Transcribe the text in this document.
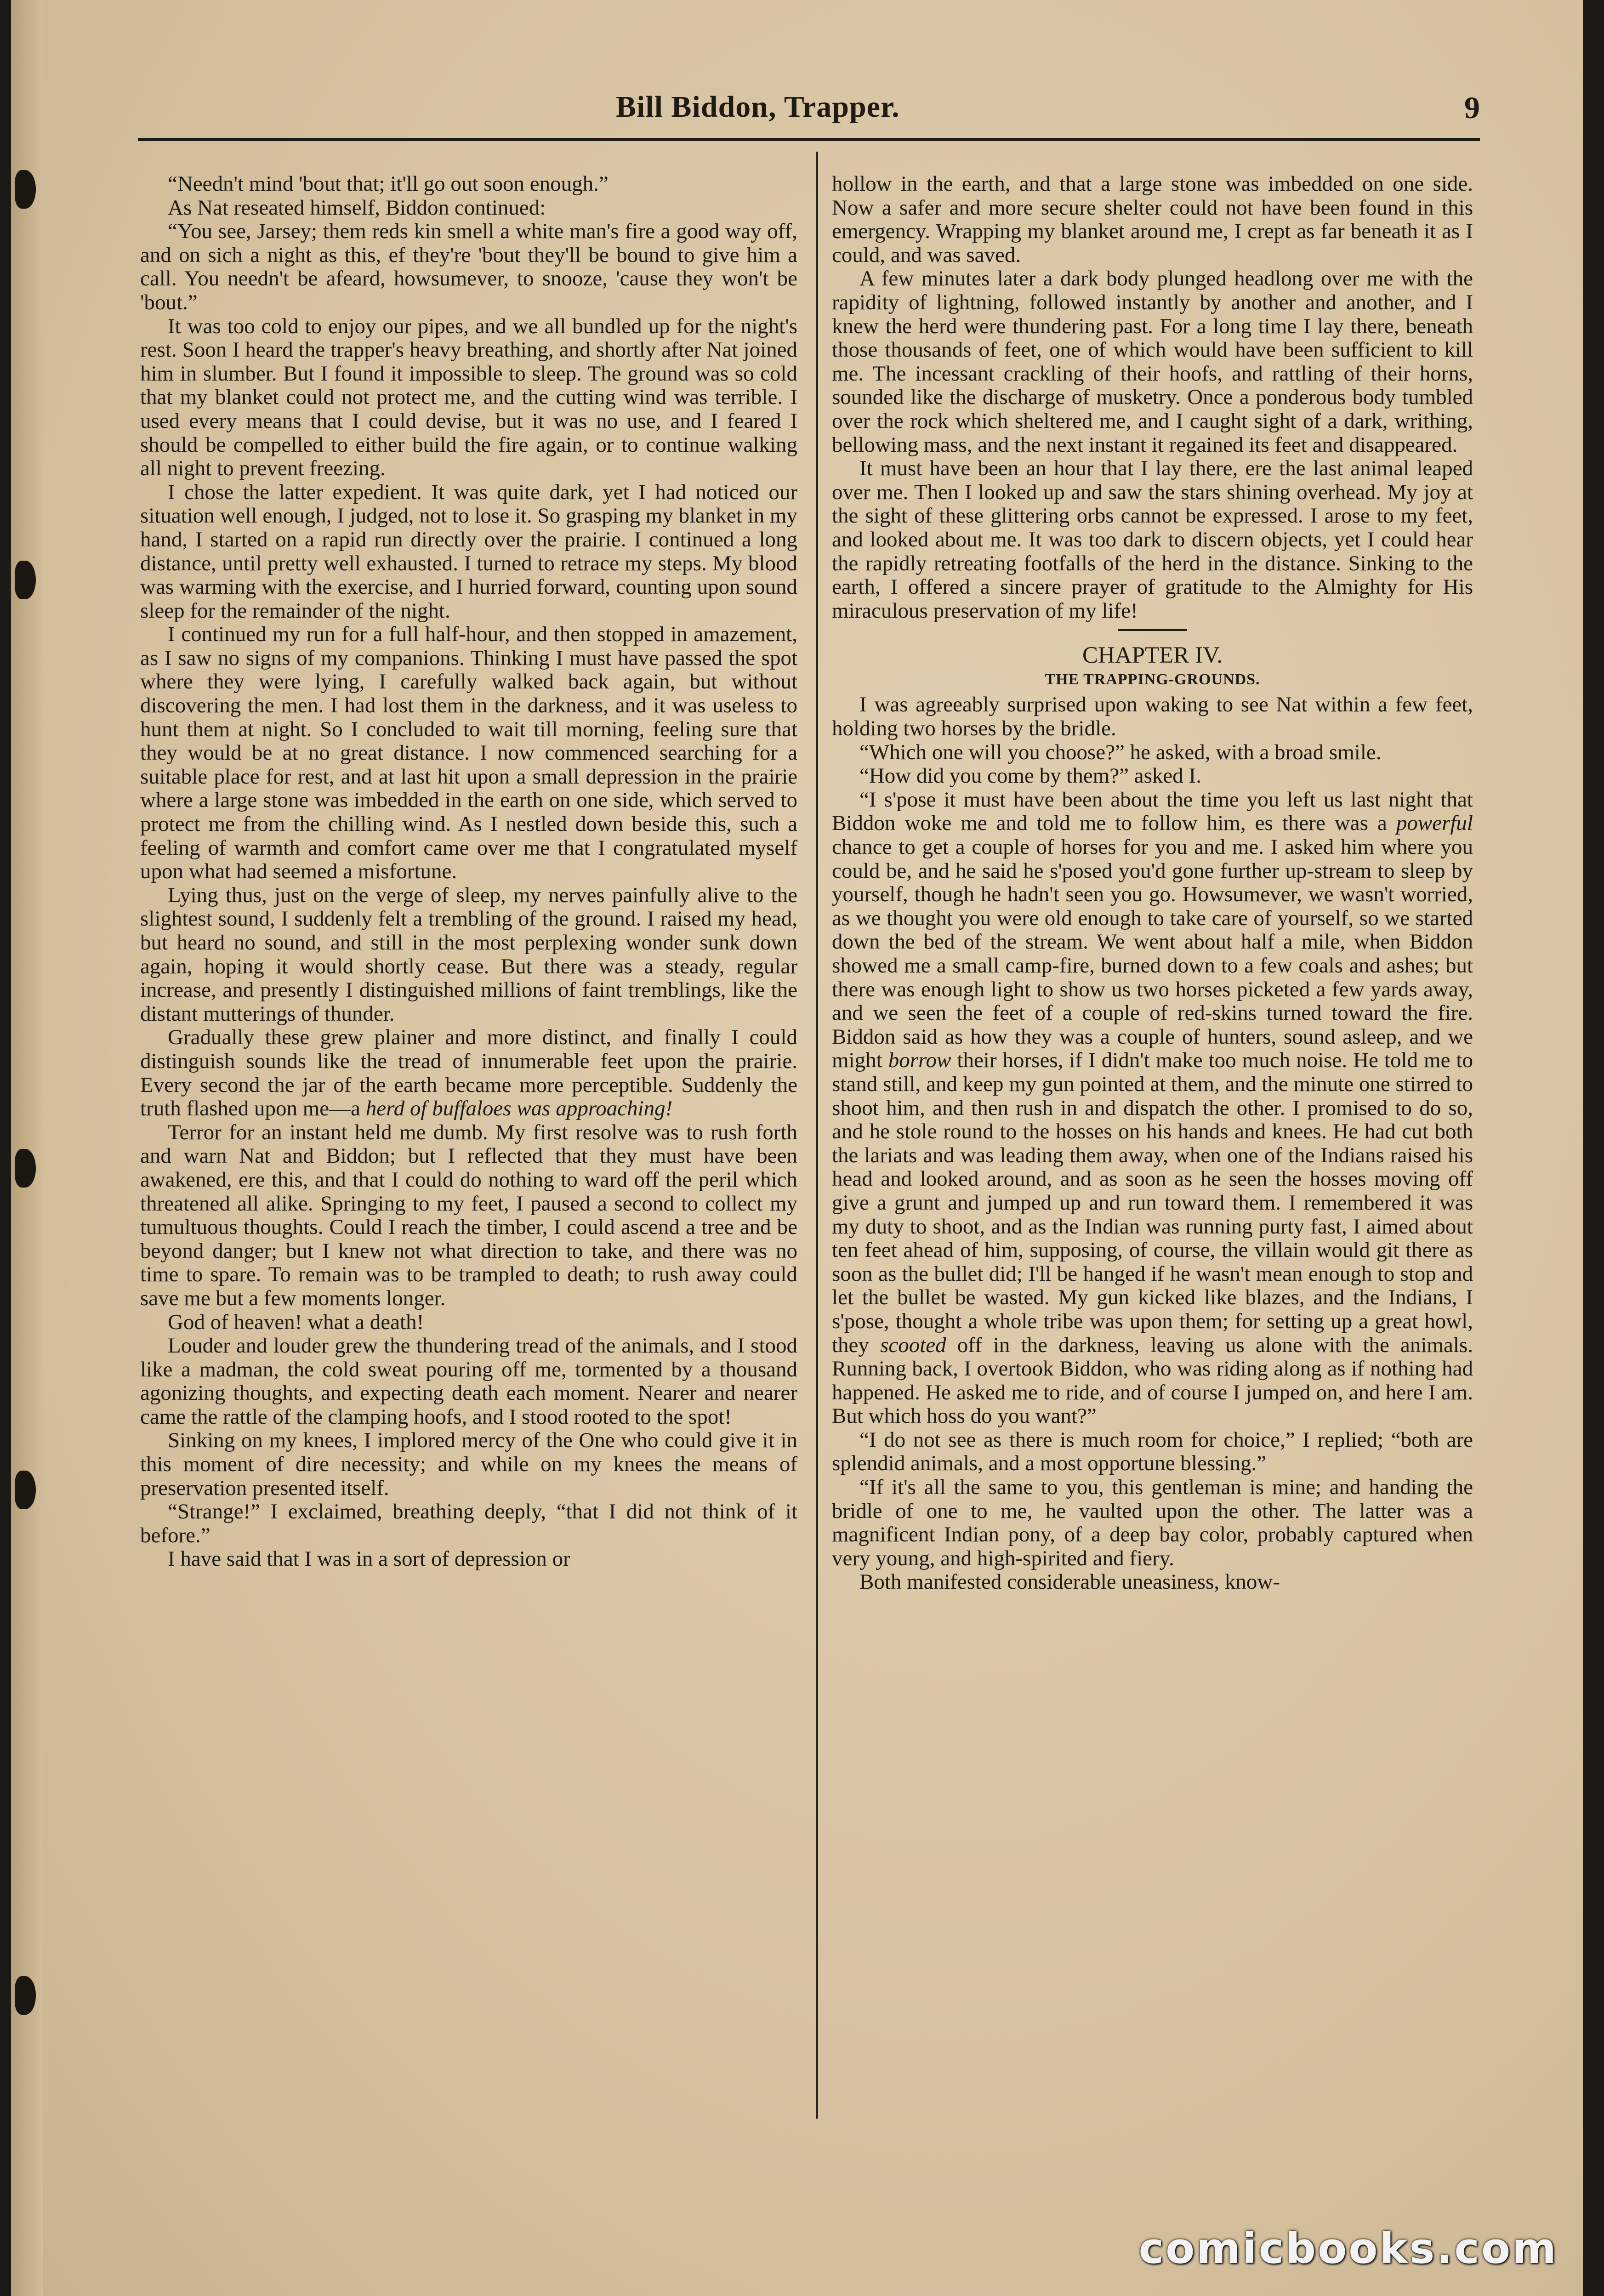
Bill Biddon, Trapper.	9

“Needn't mind 'bout that; it'll go out soon enough.”

As Nat reseated himself, Biddon continued:

“You see, Jarsey; them reds kin smell a white man's fire a good way off, and on sich a night as this, ef they're 'bout they'll be bound to give him a call. You needn't be afeard, howsumever, to snooze, 'cause they won't be 'bout.”

It was too cold to enjoy our pipes, and we all bundled up for the night's rest. Soon I heard the trapper's heavy breathing, and shortly after Nat joined him in slumber. But I found it impossible to sleep. The ground was so cold that my blanket could not protect me, and the cutting wind was terrible. I used every means that I could devise, but it was no use, and I feared I should be compelled to either build the fire again, or to continue walking all night to prevent freezing.

I chose the latter expedient. It was quite dark, yet I had noticed our situation well enough, I judged, not to lose it. So grasping my blanket in my hand, I started on a rapid run directly over the prairie. I continued a long distance, until pretty well exhausted. I turned to retrace my steps. My blood was warming with the exercise, and I hurried forward, counting upon sound sleep for the remainder of the night.

I continued my run for a full half-hour, and then stopped in amazement, as I saw no signs of my companions. Thinking I must have passed the spot where they were lying, I carefully walked back again, but without discovering the men. I had lost them in the darkness, and it was useless to hunt them at night. So I concluded to wait till morning, feeling sure that they would be at no great distance. I now commenced searching for a suitable place for rest, and at last hit upon a small depression in the prairie where a large stone was imbedded in the earth on one side, which served to protect me from the chilling wind. As I nestled down beside this, such a feeling of warmth and comfort came over me that I congratulated myself upon what had seemed a misfortune.

Lying thus, just on the verge of sleep, my nerves painfully alive to the slightest sound, I suddenly felt a trembling of the ground. I raised my head, but heard no sound, and still in the most perplexing wonder sunk down again, hoping it would shortly cease. But there was a steady, regular increase, and presently I distinguished millions of faint tremblings, like the distant mutterings of thunder.

Gradually these grew plainer and more distinct, and finally I could distinguish sounds like the tread of innumerable feet upon the prairie. Every second the jar of the earth became more perceptible. Suddenly the truth flashed upon me—a herd of buffaloes was approaching!

Terror for an instant held me dumb. My first resolve was to rush forth and warn Nat and Biddon; but I reflected that they must have been awakened, ere this, and that I could do nothing to ward off the peril which threatened all alike. Springing to my feet, I paused a second to collect my tumultuous thoughts. Could I reach the timber, I could ascend a tree and be beyond danger; but I knew not what direction to take, and there was no time to spare. To remain was to be trampled to death; to rush away could save me but a few moments longer.

God of heaven! what a death!

Louder and louder grew the thundering tread of the animals, and I stood like a madman, the cold sweat pouring off me, tormented by a thousand agonizing thoughts, and expecting death each moment. Nearer and nearer came the rattle of the clamping hoofs, and I stood rooted to the spot!

Sinking on my knees, I implored mercy of the One who could give it in this moment of dire necessity; and while on my knees the means of preservation presented itself.

“Strange!” I exclaimed, breathing deeply, “that I did not think of it before.”

I have said that I was in a sort of depression or

hollow in the earth, and that a large stone was imbedded on one side. Now a safer and more secure shelter could not have been found in this emergency. Wrapping my blanket around me, I crept as far beneath it as I could, and was saved.

A few minutes later a dark body plunged headlong over me with the rapidity of lightning, followed instantly by another and another, and I knew the herd were thundering past. For a long time I lay there, beneath those thousands of feet, one of which would have been sufficient to kill me. The incessant crackling of their hoofs, and rattling of their horns, sounded like the discharge of musketry. Once a ponderous body tumbled over the rock which sheltered me, and I caught sight of a dark, writhing, bellowing mass, and the next instant it regained its feet and disappeared.

It must have been an hour that I lay there, ere the last animal leaped over me. Then I looked up and saw the stars shining overhead. My joy at the sight of these glittering orbs cannot be expressed. I arose to my feet, and looked about me. It was too dark to discern objects, yet I could hear the rapidly retreating footfalls of the herd in the distance. Sinking to the earth, I offered a sincere prayer of gratitude to the Almighty for His miraculous preservation of my life!

CHAPTER IV.

THE TRAPPING-GROUNDS.

I was agreeably surprised upon waking to see Nat within a few feet, holding two horses by the bridle.

“Which one will you choose?” he asked, with a broad smile.

“How did you come by them?” asked I.

“I s'pose it must have been about the time you left us last night that Biddon woke me and told me to follow him, es there was a powerful chance to get a couple of horses for you and me. I asked him where you could be, and he said he s'posed you'd gone further up-stream to sleep by yourself, though he hadn't seen you go. Howsumever, we wasn't worried, as we thought you were old enough to take care of yourself, so we started down the bed of the stream. We went about half a mile, when Biddon showed me a small camp-fire, burned down to a few coals and ashes; but there was enough light to show us two horses picketed a few yards away, and we seen the feet of a couple of red-skins turned toward the fire. Biddon said as how they was a couple of hunters, sound asleep, and we might borrow their horses, if I didn't make too much noise. He told me to stand still, and keep my gun pointed at them, and the minute one stirred to shoot him, and then rush in and dispatch the other. I promised to do so, and he stole round to the hosses on his hands and knees. He had cut both the lariats and was leading them away, when one of the Indians raised his head and looked around, and as soon as he seen the hosses moving off give a grunt and jumped up and run toward them. I remembered it was my duty to shoot, and as the Indian was running purty fast, I aimed about ten feet ahead of him, supposing, of course, the villain would git there as soon as the bullet did; I'll be hanged if he wasn't mean enough to stop and let the bullet be wasted. My gun kicked like blazes, and the Indians, I s'pose, thought a whole tribe was upon them; for setting up a great howl, they scooted off in the darkness, leaving us alone with the animals. Running back, I overtook Biddon, who was riding along as if nothing had happened. He asked me to ride, and of course I jumped on, and here I am. But which hoss do you want?”

“I do not see as there is much room for choice,” I replied; “both are splendid animals, and a most opportune blessing.”

“If it's all the same to you, this gentleman is mine; and handing the bridle of one to me, he vaulted upon the other. The latter was a magnificent Indian pony, of a deep bay color, probably captured when very young, and high-spirited and fiery.

Both manifested considerable uneasiness, know-

comicbooks.com
